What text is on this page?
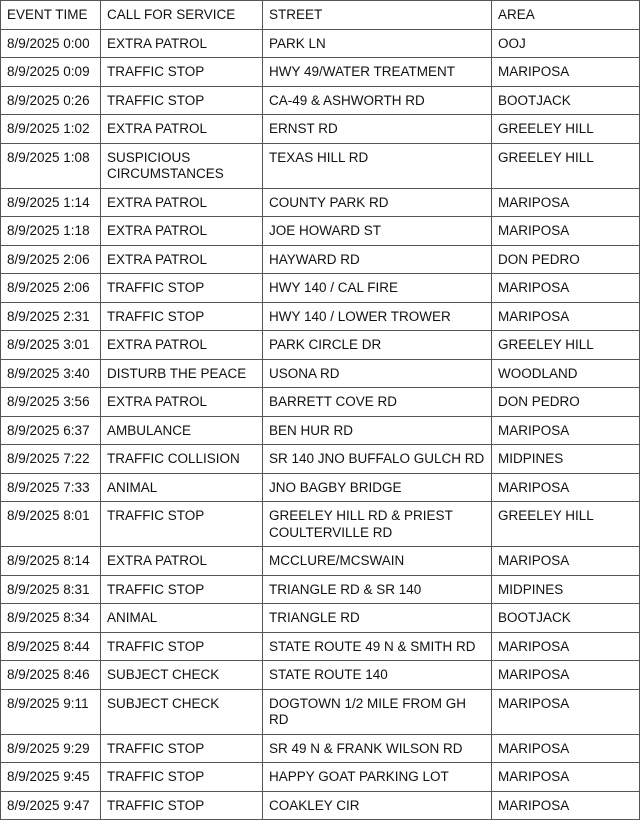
EVENT TIME	CALL FOR SERVICE	STREET	AREA
8/9/2025 0:00	EXTRA PATROL	PARK LN	OOJ
8/9/2025 0:09	TRAFFIC STOP	HWY 49/WATER TREATMENT	MARIPOSA
8/9/2025 0:26	TRAFFIC STOP	CA-49 & ASHWORTH RD	BOOTJACK
8/9/2025 1:02	EXTRA PATROL	ERNST RD	GREELEY HILL
8/9/2025 1:08	SUSPICIOUS CIRCUMSTANCES	TEXAS HILL RD	GREELEY HILL
8/9/2025 1:14	EXTRA PATROL	COUNTY PARK RD	MARIPOSA
8/9/2025 1:18	EXTRA PATROL	JOE HOWARD ST	MARIPOSA
8/9/2025 2:06	EXTRA PATROL	HAYWARD RD	DON PEDRO
8/9/2025 2:06	TRAFFIC STOP	HWY 140 / CAL FIRE	MARIPOSA
8/9/2025 2:31	TRAFFIC STOP	HWY 140 / LOWER TROWER	MARIPOSA
8/9/2025 3:01	EXTRA PATROL	PARK CIRCLE DR	GREELEY HILL
8/9/2025 3:40	DISTURB THE PEACE	USONA RD	WOODLAND
8/9/2025 3:56	EXTRA PATROL	BARRETT COVE RD	DON PEDRO
8/9/2025 6:37	AMBULANCE	BEN HUR RD	MARIPOSA
8/9/2025 7:22	TRAFFIC COLLISION	SR 140 JNO BUFFALO GULCH RD	MIDPINES
8/9/2025 7:33	ANIMAL	JNO BAGBY BRIDGE	MARIPOSA
8/9/2025 8:01	TRAFFIC STOP	GREELEY HILL RD & PRIEST COULTERVILLE RD	GREELEY HILL
8/9/2025 8:14	EXTRA PATROL	MCCLURE/MCSWAIN	MARIPOSA
8/9/2025 8:31	TRAFFIC STOP	TRIANGLE RD & SR 140	MIDPINES
8/9/2025 8:34	ANIMAL	TRIANGLE RD	BOOTJACK
8/9/2025 8:44	TRAFFIC STOP	STATE ROUTE 49 N & SMITH RD	MARIPOSA
8/9/2025 8:46	SUBJECT CHECK	STATE ROUTE 140	MARIPOSA
8/9/2025 9:11	SUBJECT CHECK	DOGTOWN 1/2 MILE FROM GH RD	MARIPOSA
8/9/2025 9:29	TRAFFIC STOP	SR 49 N & FRANK WILSON RD	MARIPOSA
8/9/2025 9:45	TRAFFIC STOP	HAPPY GOAT PARKING LOT	MARIPOSA
8/9/2025 9:47	TRAFFIC STOP	COAKLEY CIR	MARIPOSA
